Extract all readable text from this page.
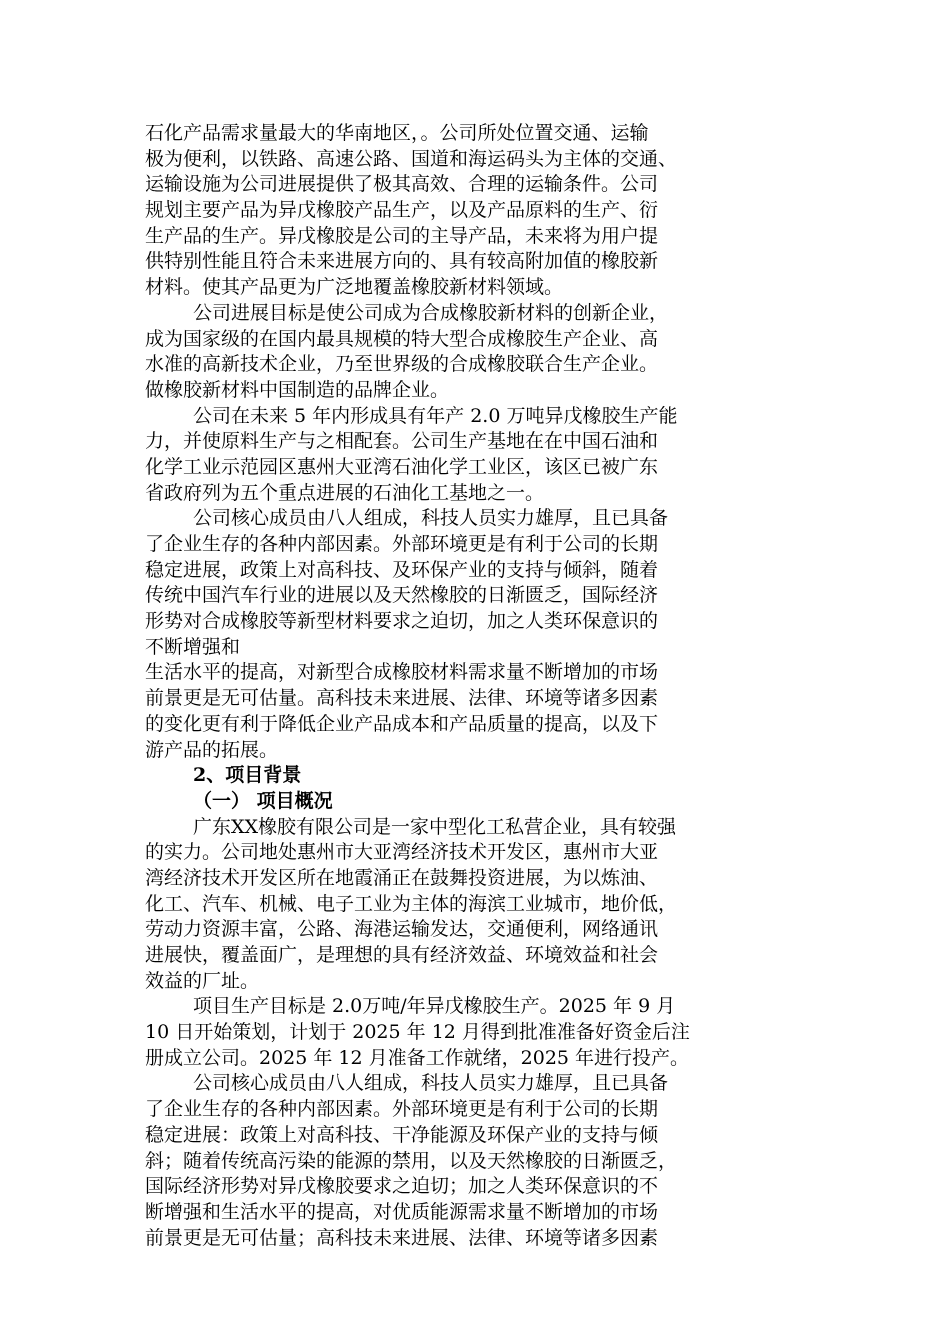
石化产品需求量最大的华南地区，。公司所处位置交通、运输
极为便利，以铁路、高速公路、国道和海运码头为主体的交通、
运输设施为公司进展提供了极其高效、合理的运输条件。公司
规划主要产品为异戊橡胶产品生产，以及产品原料的生产、衍
生产品的生产。异戊橡胶是公司的主导产品，未来将为用户提
供特别性能且符合未来进展方向的、具有较高附加值的橡胶新
材料。使其产品更为广泛地覆盖橡胶新材料领域。
公司进展目标是使公司成为合成橡胶新材料的创新企业，
成为国家级的在国内最具规模的特大型合成橡胶生产企业、高
水准的高新技术企业，乃至世界级的合成橡胶联合生产企业。
做橡胶新材料中国制造的品牌企业。
公司在未来 5 年内形成具有年产 2.0 万吨异戊橡胶生产能
力，并使原料生产与之相配套。公司生产基地在在中国石油和
化学工业示范园区惠州大亚湾石油化学工业区，该区已被广东
省政府列为五个重点进展的石油化工基地之一。
公司核心成员由八人组成，科技人员实力雄厚，且已具备
了企业生存的各种内部因素。外部环境更是有利于公司的长期
稳定进展，政策上对高科技、及环保产业的支持与倾斜，随着
传统中国汽车行业的进展以及天然橡胶的日渐匮乏，国际经济
形势对合成橡胶等新型材料要求之迫切，加之人类环保意识的
不断增强和
生活水平的提高，对新型合成橡胶材料需求量不断增加的市场
前景更是无可估量。高科技未来进展、法律、环境等诸多因素
的变化更有利于降低企业产品成本和产品质量的提高，以及下
游产品的拓展。
2、项目背景
（一） 项目概况
广东XX橡胶有限公司是一家中型化工私营企业，具有较强
的实力。公司地处惠州市大亚湾经济技术开发区，惠州市大亚
湾经济技术开发区所在地霞涌正在鼓舞投资进展，为以炼油、
化工、汽车、机械、电子工业为主体的海滨工业城市，地价低，
劳动力资源丰富，公路、海港运输发达，交通便利，网络通讯
进展快，覆盖面广，是理想的具有经济效益、环境效益和社会
效益的厂址。
项目生产目标是 2.0万吨/年异戊橡胶生产。2025 年 9 月
10 日开始策划，计划于 2025 年 12 月得到批准准备好资金后注
册成立公司。2025 年 12 月准备工作就绪，2025 年进行投产。
公司核心成员由八人组成，科技人员实力雄厚，且已具备
了企业生存的各种内部因素。外部环境更是有利于公司的长期
稳定进展：政策上对高科技、干净能源及环保产业的支持与倾
斜；随着传统高污染的能源的禁用，以及天然橡胶的日渐匮乏，
国际经济形势对异戊橡胶要求之迫切；加之人类环保意识的不
断增强和生活水平的提高，对优质能源需求量不断增加的市场
前景更是无可估量；高科技未来进展、法律、环境等诸多因素
